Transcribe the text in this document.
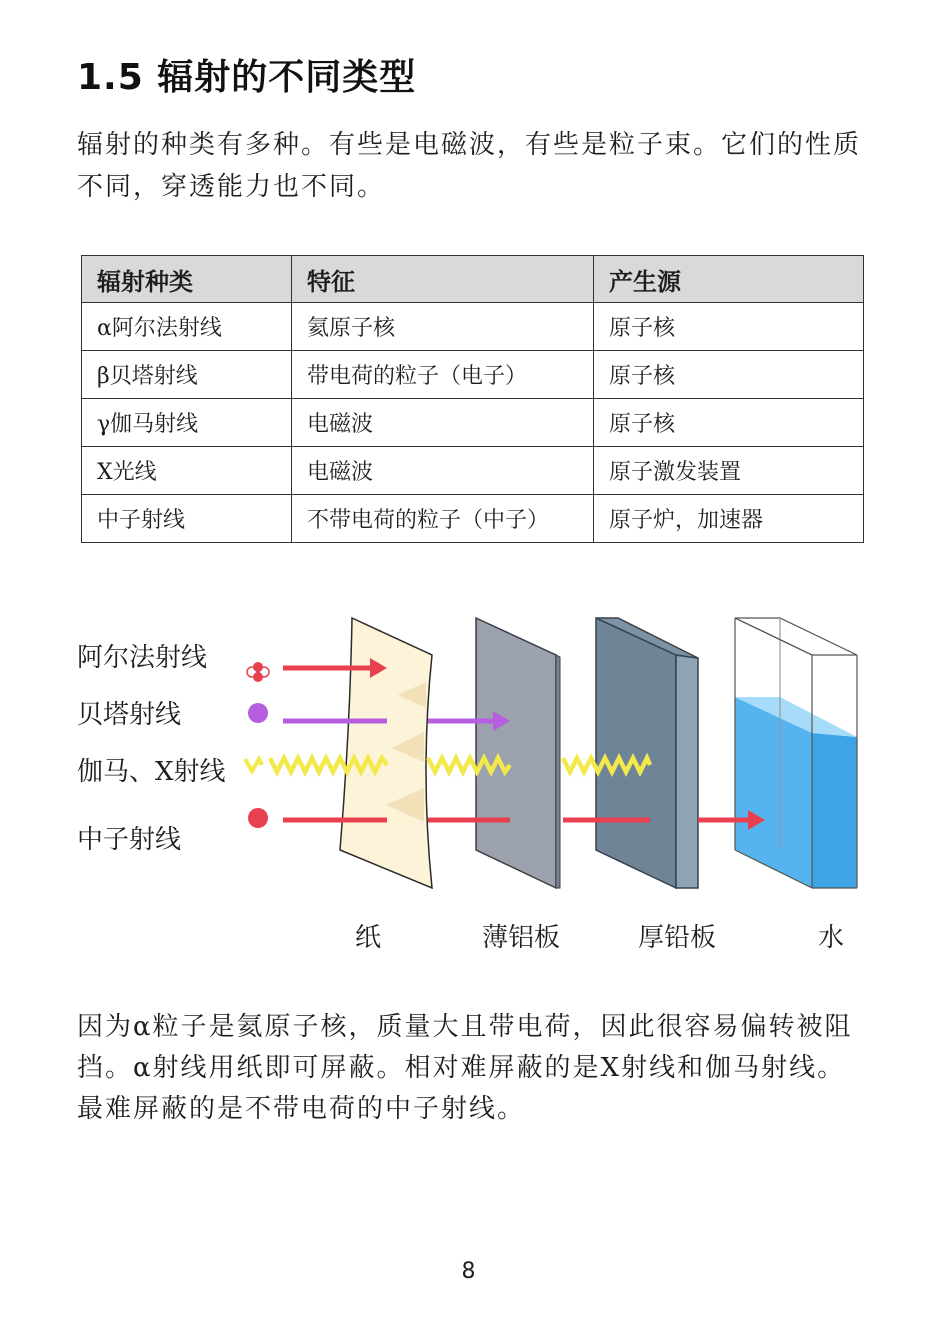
1.5 辐射的不同类型
辐射的种类有多种。有些是电磁波，有些是粒子束。它们的性质
不同，穿透能力也不同。
辐射种类	特征	产生源
α阿尔法射线	氦原子核	原子核
β贝塔射线	带电荷的粒子（电子）	原子核
γ伽马射线	电磁波	原子核
X光线	电磁波	原子激发装置
中子射线	不带电荷的粒子（中子）	原子炉，加速器
阿尔法射线
贝塔射线
伽马、X射线
中子射线
纸	薄铝板	厚铅板	水
因为α粒子是氦原子核，质量大且带电荷，因此很容易偏转被阻
挡。α射线用纸即可屏蔽。相对难屏蔽的是X射线和伽马射线。
最难屏蔽的是不带电荷的中子射线。
8
